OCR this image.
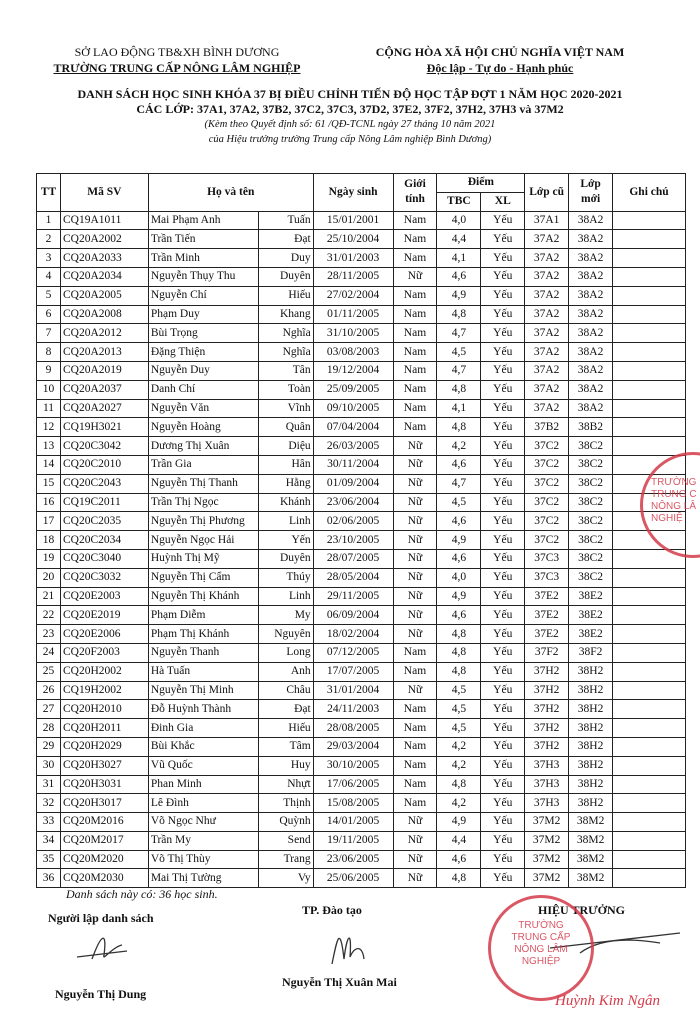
SỞ LAO ĐỘNG TB&XH BÌNH DƯƠNG
TRƯỜNG TRUNG CẤP NÔNG LÂM NGHIỆP
CỘNG HÒA XÃ HỘI CHỦ NGHĨA VIỆT NAM
Độc lập - Tự do - Hạnh phúc
DANH SÁCH HỌC SINH KHÓA 37 BỊ ĐIỀU CHỈNH TIẾN ĐỘ HỌC TẬP ĐỢT 1 NĂM HỌC 2020-2021
CÁC LỚP: 37A1, 37A2, 37B2, 37C2, 37C3, 37D2, 37E2, 37F2, 37H2, 37H3 và 37M2
(Kèm theo Quyết định số: 61 /QĐ-TCNL ngày 27 tháng 10 năm 2021
của Hiệu trưởng trường Trung cấp Nông Lâm nghiệp Bình Dương)
TT	Mã SV	Họ và tên		Ngày sinh	Giới tính	Điểm		Lớp cũ	Lớp mới	Ghi chú
						TBC	XL			
1	CQ19A1011	Mai Phạm Anh	Tuấn	15/01/2001	Nam	4,0	Yếu	37A1	38A2	
2	CQ20A2002	Trần Tiến	Đạt	25/10/2004	Nam	4,4	Yếu	37A2	38A2	
3	CQ20A2033	Trần Minh	Duy	31/01/2003	Nam	4,1	Yếu	37A2	38A2	
4	CQ20A2034	Nguyễn Thụy Thu	Duyên	28/11/2005	Nữ	4,6	Yếu	37A2	38A2	
5	CQ20A2005	Nguyễn Chí	Hiếu	27/02/2004	Nam	4,9	Yếu	37A2	38A2	
6	CQ20A2008	Phạm Duy	Khang	01/11/2005	Nam	4,8	Yếu	37A2	38A2	
7	CQ20A2012	Bùi Trọng	Nghĩa	31/10/2005	Nam	4,7	Yếu	37A2	38A2	
8	CQ20A2013	Đặng Thiện	Nghĩa	03/08/2003	Nam	4,5	Yếu	37A2	38A2	
9	CQ20A2019	Nguyễn Duy	Tân	19/12/2004	Nam	4,7	Yếu	37A2	38A2	
10	CQ20A2037	Danh Chí	Toàn	25/09/2005	Nam	4,8	Yếu	37A2	38A2	
11	CQ20A2027	Nguyễn Văn	Vĩnh	09/10/2005	Nam	4,1	Yếu	37A2	38A2	
12	CQ19H3021	Nguyễn Hoàng	Quân	07/04/2004	Nam	4,8	Yếu	37B2	38B2	
13	CQ20C3042	Dương Thị Xuân	Diệu	26/03/2005	Nữ	4,2	Yếu	37C2	38C2	
14	CQ20C2010	Trần Gia	Hân	30/11/2004	Nữ	4,6	Yếu	37C2	38C2	
15	CQ20C2043	Nguyễn Thị Thanh	Hằng	01/09/2004	Nữ	4,7	Yếu	37C2	38C2	
16	CQ19C2011	Trần Thị Ngọc	Khánh	23/06/2004	Nữ	4,5	Yếu	37C2	38C2	
17	CQ20C2035	Nguyễn Thị Phương	Linh	02/06/2005	Nữ	4,6	Yếu	37C2	38C2	
18	CQ20C2034	Nguyễn Ngọc Hải	Yến	23/10/2005	Nữ	4,9	Yếu	37C2	38C2	
19	CQ20C3040	Huỳnh Thị Mỹ	Duyên	28/07/2005	Nữ	4,6	Yếu	37C3	38C2	
20	CQ20C3032	Nguyễn Thị Cẩm	Thúy	28/05/2004	Nữ	4,0	Yếu	37C3	38C2	
21	CQ20E2003	Nguyễn Thị Khánh	Linh	29/11/2005	Nữ	4,9	Yếu	37E2	38E2	
22	CQ20E2019	Phạm Diễm	My	06/09/2004	Nữ	4,6	Yếu	37E2	38E2	
23	CQ20E2006	Phạm Thị Khánh	Nguyên	18/02/2004	Nữ	4,8	Yếu	37E2	38E2	
24	CQ20F2003	Nguyễn Thanh	Long	07/12/2005	Nam	4,8	Yếu	37F2	38F2	
25	CQ20H2002	Hà Tuấn	Anh	17/07/2005	Nam	4,8	Yếu	37H2	38H2	
26	CQ19H2002	Nguyễn Thị Minh	Châu	31/01/2004	Nữ	4,5	Yếu	37H2	38H2	
27	CQ20H2010	Đỗ Huỳnh Thành	Đạt	24/11/2003	Nam	4,5	Yếu	37H2	38H2	
28	CQ20H2011	Đinh Gia	Hiếu	28/08/2005	Nam	4,5	Yếu	37H2	38H2	
29	CQ20H2029	Bùi Khắc	Tâm	29/03/2004	Nam	4,2	Yếu	37H2	38H2	
30	CQ20H3027	Vũ Quốc	Huy	30/10/2005	Nam	4,2	Yếu	37H3	38H2	
31	CQ20H3031	Phan Minh	Nhựt	17/06/2005	Nam	4,8	Yếu	37H3	38H2	
32	CQ20H3017	Lê Đình	Thịnh	15/08/2005	Nam	4,2	Yếu	37H3	38H2	
33	CQ20M2016	Võ Ngọc Như	Quỳnh	14/01/2005	Nữ	4,9	Yếu	37M2	38M2	
34	CQ20M2017	Trần My	Send	19/11/2005	Nữ	4,4	Yếu	37M2	38M2	
35	CQ20M2020	Võ Thị Thùy	Trang	23/06/2005	Nữ	4,6	Yếu	37M2	38M2	
36	CQ20M2030	Mai Thị Tường	Vy	25/06/2005	Nữ	4,8	Yếu	37M2	38M2	
Danh sách này có: 36 học sinh.
Người lập danh sách
TP. Đào tạo	HIỆU TRƯỞNG
Nguyễn Thị Dung
Nguyễn Thị Xuân Mai
Huỳnh Kim Ngân
TRƯỜNG
TRUNG CẤP
NÔNG LÂM
NGHIỆP
TRƯỜNG
TRUNG C
NÔNG LÂ
NGHIỆ
